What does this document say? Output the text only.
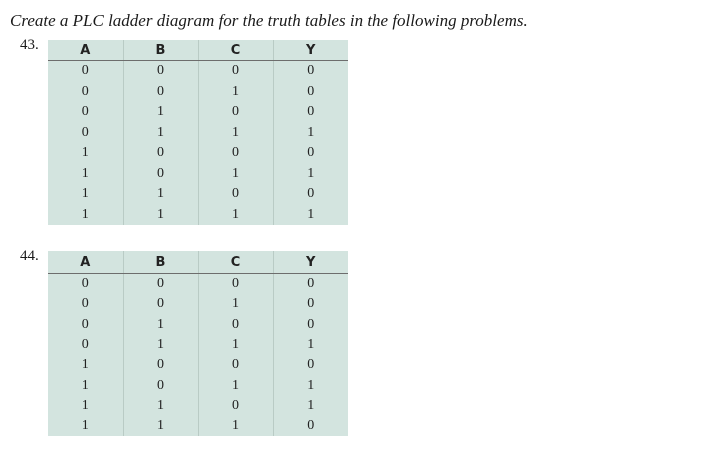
Create a PLC ladder diagram for the truth tables in the following problems.
43.	A	B	C	Y
0	0	0	0
0	0	1	0
0	1	0	0
0	1	1	1
1	0	0	0
1	0	1	1
1	1	0	0
1	1	1	1
44.	A	B	C	Y
0	0	0	0
0	0	1	0
0	1	0	0
0	1	1	1
1	0	0	0
1	0	1	1
1	1	0	1
1	1	1	0
